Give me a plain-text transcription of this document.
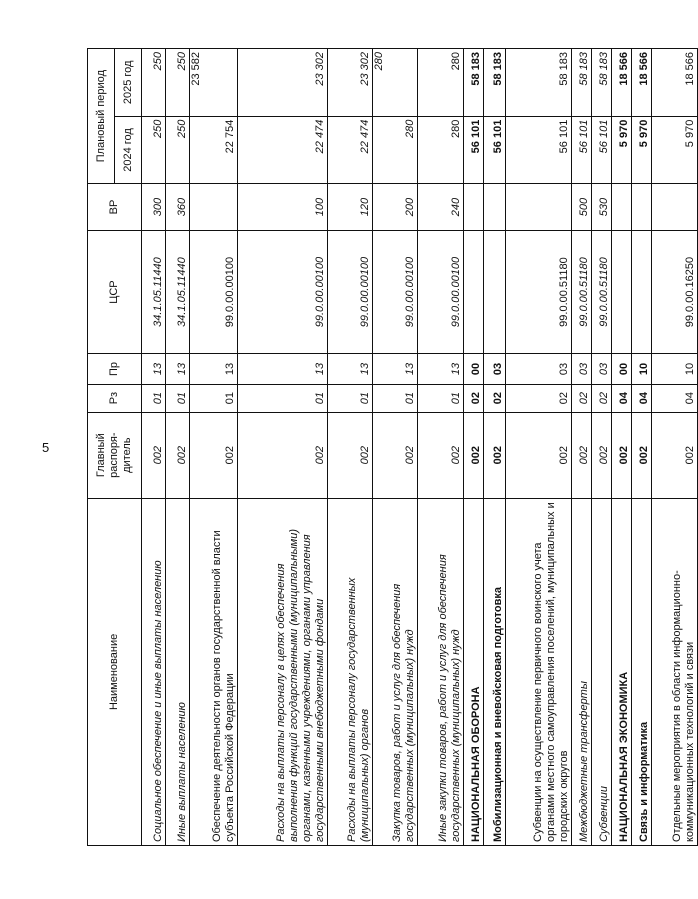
5
Наименование	Главный распоря-дитель	Рз	Пр	ЦСР	ВР	Плановый период	
						2024 год	2025 год
Социальное обеспечение и иные выплаты населению	002	01	13	34.1.05.11440	300	250	250
Иные выплаты населению	002	01	13	34.1.05.11440	360	250	250
Обеспечение деятельности органов государственной власти субъекта Российской Федерации	002	01	13	99.0.00.00100		22 754	23 582
Расходы на выплаты персоналу в целях обеспечения выполнения функций государственными (муниципальными) органами, казенными учреждениями, органами управления государственными внебюджетными фондами	002	01	13	99.0.00.00100	100	22 474	23 302
Расходы на выплаты персоналу государственных (муниципальных) органов	002	01	13	99.0.00.00100	120	22 474	23 302
Закупка товаров, работ и услуг для обеспечения государственных (муниципальных) нужд	002	01	13	99.0.00.00100	200	280	280
Иные закупки товаров, работ и услуг для обеспечения государственных (муниципальных) нужд	002	01	13	99.0.00.00100	240	280	280
НАЦИОНАЛЬНАЯ ОБОРОНА	002	02	00			56 101	58 183
Мобилизационная и вневойсковая подготовка	002	02	03			56 101	58 183
Субвенции на осуществление первичного воинского учета органами местного самоуправления поселений, муниципальных и городских округов	002	02	03	99.0.00.51180		56 101	58 183
Межбюджетные трансферты	002	02	03	99.0.00.51180	500	56 101	58 183
Субвенции	002	02	03	99.0.00.51180	530	56 101	58 183
НАЦИОНАЛЬНАЯ ЭКОНОМИКА	002	04	00			5 970	18 566
Связь и информатика	002	04	10			5 970	18 566
Отдельные мероприятия в области информационно-коммуникационных технологий и связи	002	04	10	99.0.00.16250		5 970	18 566
